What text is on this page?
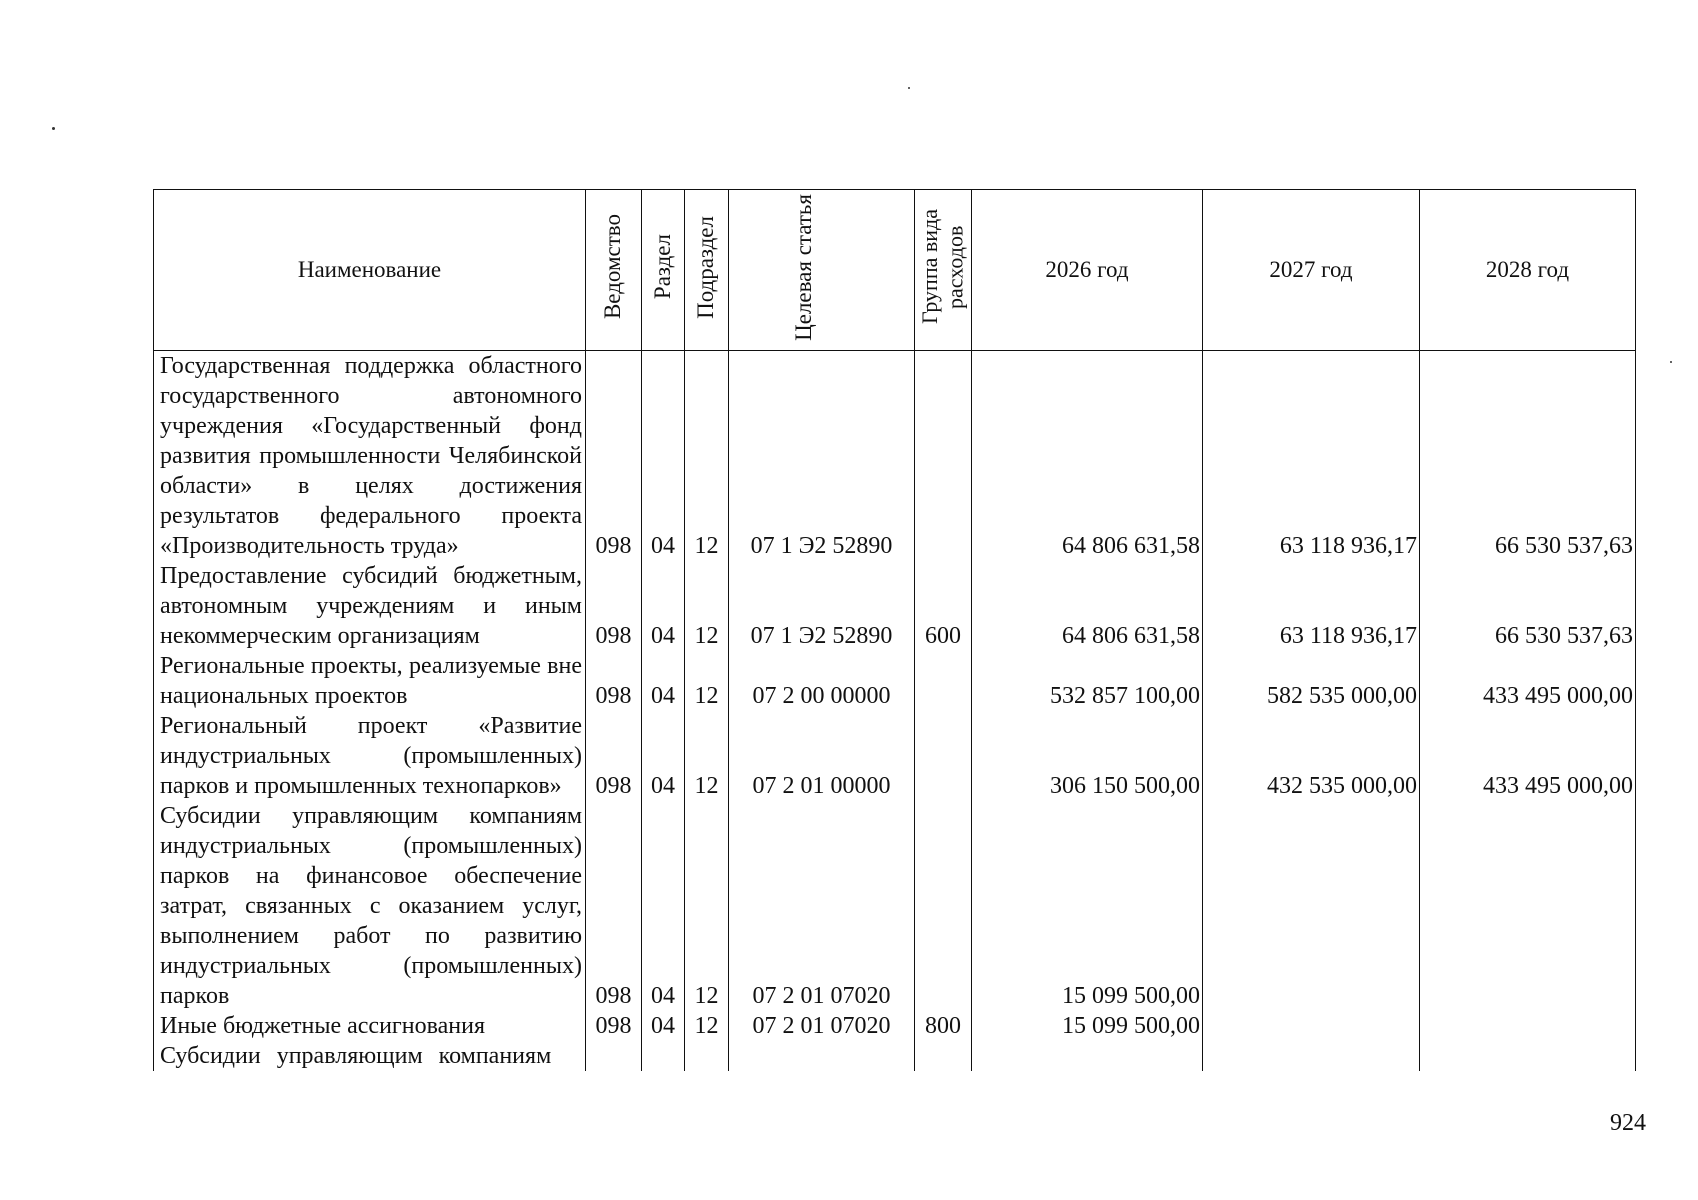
Наименование	Ведомство	Раздел	Подраздел	Целевая статья	Группа вида расходов	2026 год	2027 год	2028 год
Государственная поддержка областного государственного автономного учреждения «Государственный фонд развития промышленности Челябинской области» в целях достижения результатов федерального проекта «Производительность труда»	098	04	12	07 1 Э2 52890		64 806 631,58	63 118 936,17	66 530 537,63
Предоставление субсидий бюджетным, автономным учреждениям и иным некоммерческим организациям	098	04	12	07 1 Э2 52890	600	64 806 631,58	63 118 936,17	66 530 537,63
Региональные проекты, реализуемые вне национальных проектов	098	04	12	07 2 00 00000		532 857 100,00	582 535 000,00	433 495 000,00
Региональный проект «Развитие индустриальных (промышленных) парков и промышленных технопарков»	098	04	12	07 2 01 00000		306 150 500,00	432 535 000,00	433 495 000,00
Субсидии управляющим компаниям индустриальных (промышленных) парков на финансовое обеспечение затрат, связанных с оказанием услуг, выполнением работ по развитию индустриальных (промышленных) парков	098	04	12	07 2 01 07020		15 099 500,00		
Иные бюджетные ассигнования	098	04	12	07 2 01 07020	800	15 099 500,00		
Субсидии управляющим компаниям								
924
